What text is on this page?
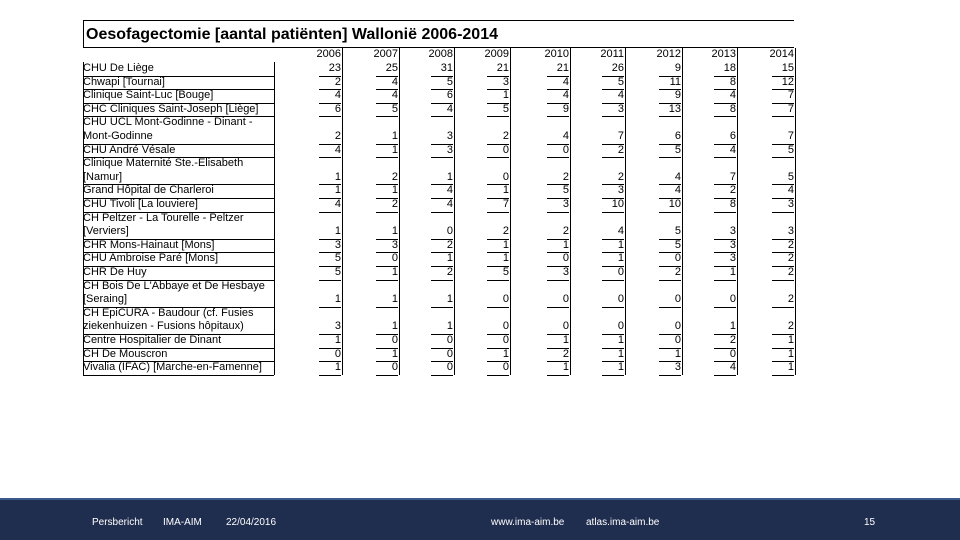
Oesofagectomie [aantal patiënten] Wallonië 2006-2014
2006	2007	2008	2009	2010	2011	2012	2013	2014
CHU De Liège	23	25	31	21	21	26	9	18	15
Chwapi [Tournai]	2	4	5	3	4	5	11	8	12
Clinique Saint-Luc [Bouge]	4	4	6	1	4	4	9	4	7
CHC Cliniques Saint-Joseph [Liège]	6	5	4	5	9	3	13	8	7
CHU UCL Mont-Godinne - Dinant -
Mont-Godinne	2	1	3	2	4	7	6	6	7
CHU André Vésale	4	1	3	0	0	2	5	4	5
Clinique Maternité Ste.-Elisabeth
[Namur]	1	2	1	0	2	2	4	7	5
Grand Hôpital de Charleroi	1	1	4	1	5	3	4	2	4
CHU Tivoli [La louviere]	4	2	4	7	3	10	10	8	3
CH Peltzer - La Tourelle - Peltzer
[Verviers]	1	1	0	2	2	4	5	3	3
CHR Mons-Hainaut [Mons]	3	3	2	1	1	1	5	3	2
CHU Ambroise Paré [Mons]	5	0	1	1	0	1	0	3	2
CHR De Huy	5	1	2	5	3	0	2	1	2
CH Bois De L'Abbaye et De Hesbaye
[Seraing]	1	1	1	0	0	0	0	0	2
CH EpiCURA - Baudour (cf. Fusies
ziekenhuizen - Fusions hôpitaux)	3	1	1	0	0	0	0	1	2
Centre Hospitalier de Dinant	1	0	0	0	1	1	0	2	1
CH De Mouscron	0	1	0	1	2	1	1	0	1
Vivalia (IFAC) [Marche-en-Famenne]	1	0	0	0	1	1	3	4	1
Persbericht IMA-AIM 22/04/2016	www.ima-aim.be atlas.ima-aim.be	15
